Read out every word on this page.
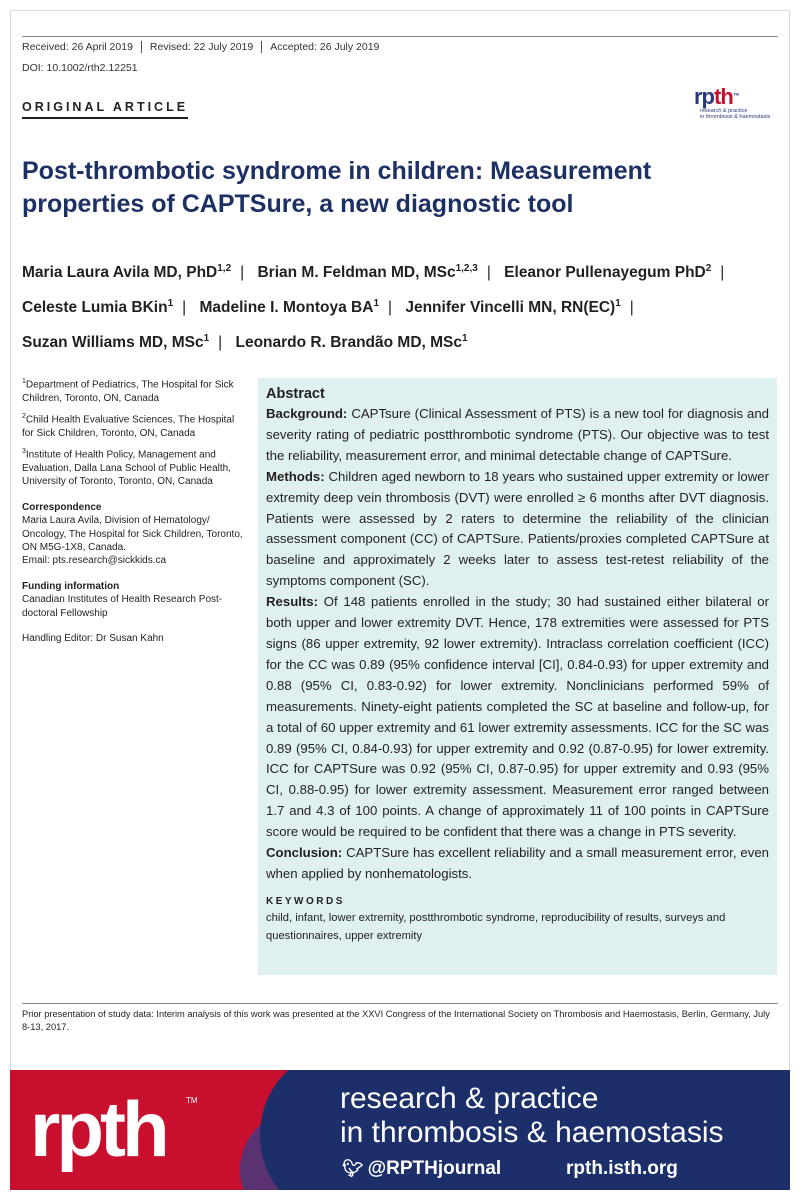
Received: 26 April 2019	Revised: 22 July 2019	Accepted: 26 July 2019
DOI: 10.1002/rth2.12251
ORIGINAL ARTICLE	rpth™
research & practice
in thrombosis & haemostasis
Post-thrombotic syndrome in children: Measurement properties of CAPTSure, a new diagnostic tool
Maria Laura Avila MD, PhD$^{1,2}$ | Brian M. Feldman MD, MSc$^{1,2,3}$ | Eleanor Pullenayegum PhD$^2$ |
Celeste Lumia BKin$^1$ | Madeline I. Montoya $BA^1$ | Jennifer Vincelli MN, RN(EC)$^1$ |
Suzan Williams MD, MSc$^1$ | Leonardo R. Brandão MD, MSc$^1$

$^1$Department of Pediatrics, The Hospital for Sick Children, Toronto, ON, Canada

$^2$Child Health Evaluative Sciences, The Hospital for Sick Children, Toronto, ON, Canada

$^3$Institute of Health Policy, Management and Evaluation, Dalla Lana School of Public Health, University of Toronto, Toronto, ON, Canada

Correspondence

Maria Laura Avila, Division of Hematology/ Oncology, The Hospital for Sick Children, Toronto, ON M5G-1X8, Canada.

Email: pts.research@sickkids.ca

Funding information

Canadian Institutes of Health Research Post-doctoral Fellowship

Handling Editor: Dr Susan Kahn

Abstract

Background: CAPTsure (Clinical Assessment of PTS) is a new tool for diagnosis and severity rating of pediatric postthrombotic syndrome (PTS). Our objective was to test the reliability, measurement error, and minimal detectable change of CAPTSure.

Methods: Children aged newborn to 18 years who sustained upper extremity or lower extremity deep vein thrombosis (DVT) were enrolled ≥ 6 months after DVT diagnosis. Patients were assessed by 2 raters to determine the reliability of the clinician assessment component (CC) of CAPTSure. Patients/proxies completed CAPTSure at baseline and approximately 2 weeks later to assess test-retest reliability of the symptoms component (SC).

Results: Of 148 patients enrolled in the study; 30 had sustained either bilateral or both upper and lower extremity DVT. Hence, 178 extremities were assessed for PTS signs (86 upper extremity, 92 lower extremity). Intraclass correlation coefficient (ICC) for the CC was 0.89 (95% confidence interval [CI], 0.84-0.93) for upper extremity and 0.88 (95% CI, 0.83-0.92) for lower extremity. Nonclinicians performed 59% of measurements. Ninety-eight patients completed the SC at baseline and follow-up, for a total of 60 upper extremity and 61 lower extremity assessments. ICC for the SC was 0.89 (95% CI, 0.84-0.93) for upper extremity and 0.92 (0.87-0.95) for lower extremity. ICC for CAPTSure was 0.92 (95% CI, 0.87-0.95) for upper extremity and 0.93 (95% CI, 0.88-0.95) for lower extremity assessment. Measurement error ranged between 1.7 and 4.3 of 100 points. A change of approximately 11 of 100 points in CAPTSure score would be required to be confident that there was a change in PTS severity.

Conclusion: CAPTSure has excellent reliability and a small measurement error, even when applied by nonhematologists.

KEYWORDS
child, infant, lower extremity, postthrombotic syndrome, reproducibility of results, surveys and questionnaires, upper extremity
Prior presentation of study data: Interim analysis of this work was presented at the XXVI Congress of the International Society on Thrombosis and Haemostasis, Berlin, Germany, July 8-13, 2017.
rpth	TM	research & practice
in thrombosis & haemostasis
🐦︎ @RPTHjournal	rpth.isth.org
